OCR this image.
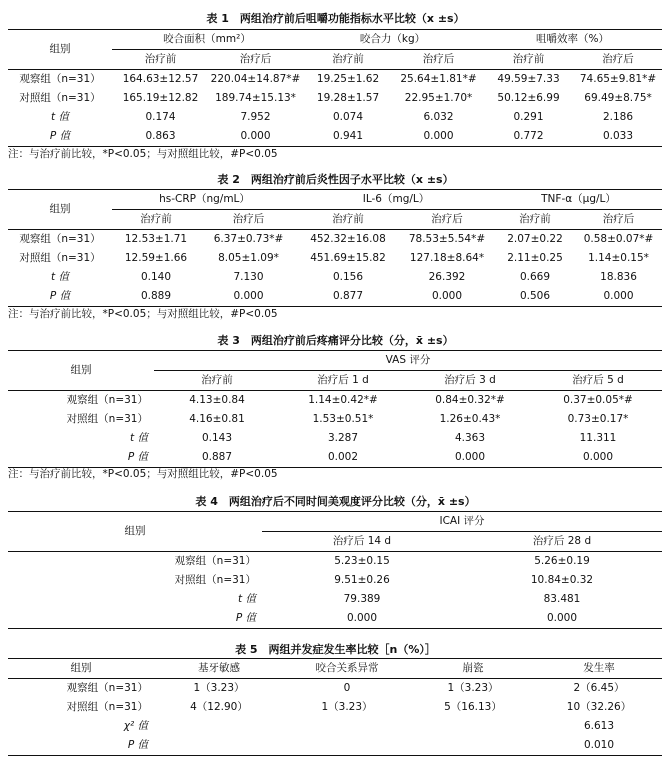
表 1　两组治疗前后咀嚼功能指标水平比较（x ±s）
组别	咬合面积（mm²）		咬合力（kg）		咀嚼效率（%）	
	治疗前	治疗后	治疗前	治疗后	治疗前	治疗后
观察组（n=31）	164.63±12.57	220.04±14.87*#	19.25±1.62	25.64±1.81*#	49.59±7.33	74.65±9.81*#
对照组（n=31）	165.19±12.82	189.74±15.13*	19.28±1.57	22.95±1.70*	50.12±6.99	69.49±8.75*
t 值	0.174	7.952	0.074	6.032	0.291	2.186
P 值	0.863	0.000	0.941	0.000	0.772	0.033
注：与治疗前比较，*P<0.05；与对照组比较，#P<0.05
表 2　两组治疗前后炎性因子水平比较（x ±s）
组别	hs-CRP（ng/mL）		IL-6（mg/L）		TNF-α（μg/L）	
	治疗前	治疗后	治疗前	治疗后	治疗前	治疗后
观察组（n=31）	12.53±1.71	6.37±0.73*#	452.32±16.08	78.53±5.54*#	2.07±0.22	0.58±0.07*#
对照组（n=31）	12.59±1.66	8.05±1.09*	451.69±15.82	127.18±8.64*	2.11±0.25	1.14±0.15*
t 值	0.140	7.130	0.156	26.392	0.669	18.836
P 值	0.889	0.000	0.877	0.000	0.506	0.000
注：与治疗前比较，*P<0.05；与对照组比较，#P<0.05
表 3　两组治疗前后疼痛评分比较（分，x̄ ±s）
组别	VAS 评分			
	治疗前	治疗后 1 d	治疗后 3 d	治疗后 5 d
观察组（n=31）	4.13±0.84	1.14±0.42*#	0.84±0.32*#	0.37±0.05*#
对照组（n=31）	4.16±0.81	1.53±0.51*	1.26±0.43*	0.73±0.17*
t 值	0.143	3.287	4.363	11.311
P 值	0.887	0.002	0.000	0.000
注：与治疗前比较，*P<0.05；与对照组比较，#P<0.05
表 4　两组治疗后不同时间美观度评分比较（分，x̄ ±s）
组别	ICAI 评分	
	治疗后 14 d	治疗后 28 d
观察组（n=31）	5.23±0.15	5.26±0.19
对照组（n=31）	9.51±0.26	10.84±0.32
t 值	79.389	83.481
P 值	0.000	0.000
表 5　两组并发症发生率比较［n（%）］
组别	基牙敏感	咬合关系异常	崩瓷	发生率
观察组（n=31）	1（3.23）	0	1（3.23）	2（6.45）
对照组（n=31）	4（12.90）	1（3.23）	5（16.13）	10（32.26）
χ² 值				6.613
P 值				0.010
